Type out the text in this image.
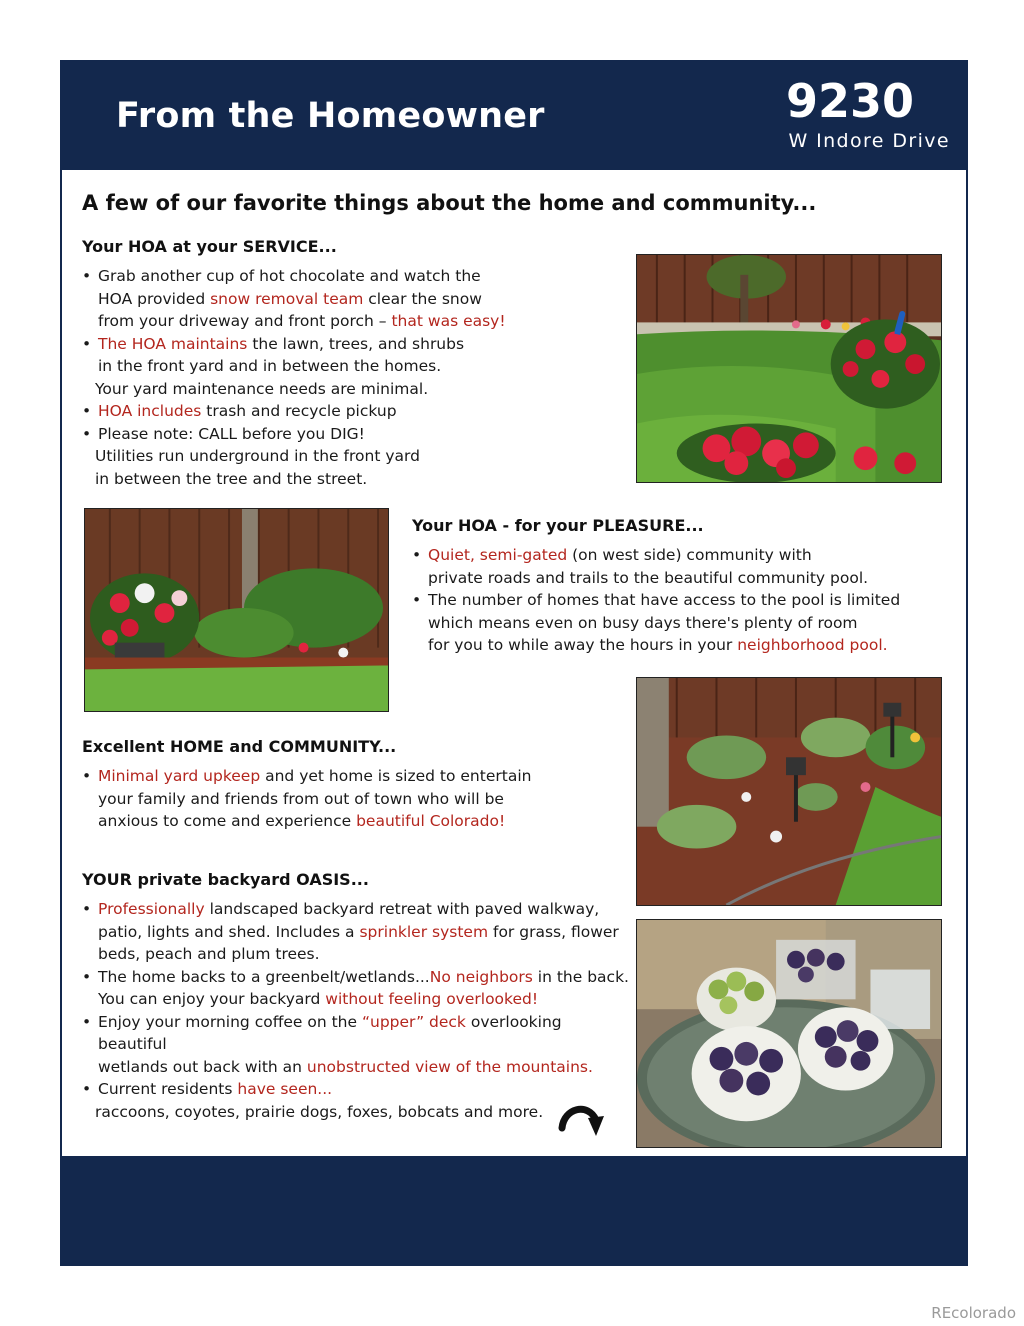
From the Homeowner	9230
W Indore Drive
A few of our favorite things about the home and community...
Your HOA at your SERVICE...
• Grab another cup of hot chocolate and watch the
HOA provided snow removal team clear the snow
from your driveway and front porch – that was easy!
• The HOA maintains the lawn, trees, and shrubs
in the front yard and in between the homes.
Your yard maintenance needs are minimal.
• HOA includes trash and recycle pickup
• Please note: CALL before you DIG!
Utilities run underground in the front yard
in between the tree and the street.
Your HOA - for your PLEASURE...
• Quiet, semi-gated (on west side) community with
private roads and trails to the beautiful community pool.
• The number of homes that have access to the pool is limited
which means even on busy days there's plenty of room
for you to while away the hours in your neighborhood pool.
Excellent HOME and COMMUNITY...
• Minimal yard upkeep and yet home is sized to entertain
your family and friends from out of town who will be
anxious to come and experience beautiful Colorado!
YOUR private backyard OASIS...
• Professionally landscaped backyard retreat with paved walkway,
patio, lights and shed. Includes a sprinkler system for grass, flower
beds, peach and plum trees.
• The home backs to a greenbelt/wetlands...No neighbors in the back.
You can enjoy your backyard without feeling overlooked!
• Enjoy your morning coffee on the “upper” deck overlooking beautiful
wetlands out back with an unobstructed view of the mountains.
• Current residents have seen...
raccoons, coyotes, prairie dogs, foxes, bobcats and more.
REcolorado
